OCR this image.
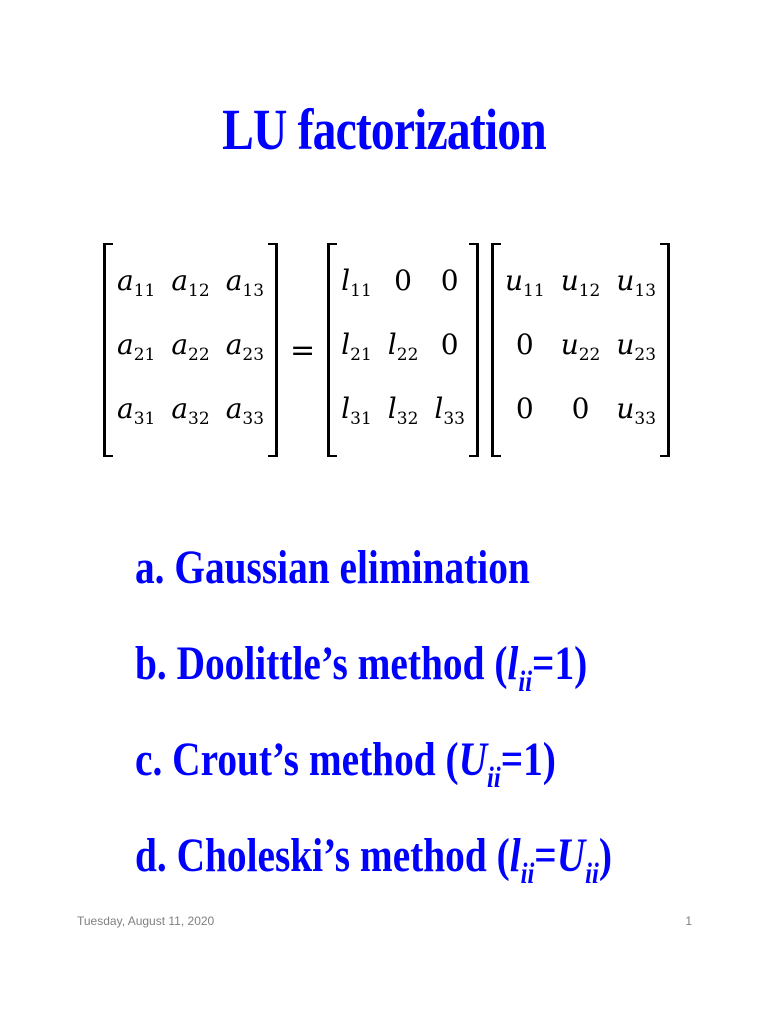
LU factorization
$a_{11}$ $a_{12}$ $a_{13}$
$a_{21}$ $a_{22}$ $a_{23}$
$a_{31}$ $a_{32}$ $a_{33}$
=
$l_{11}$ 0 0
$l_{21}$ $l_{22}$ 0
$l_{31}$ $l_{32}$ $l_{33}$
$u_{11}$ $u_{12}$ $u_{13}$
0 $u_{22}$ $u_{23}$
0	0 $u_{33}$
a. Gaussian elimination
b. Doolittle’s method $(l_{ii}=1)$
c. Crout’s method $(U_{ii}=1)$
d. Choleski’s method $(l_{ii}=U_{ii})$
Tuesday, August 11, 2020	1
